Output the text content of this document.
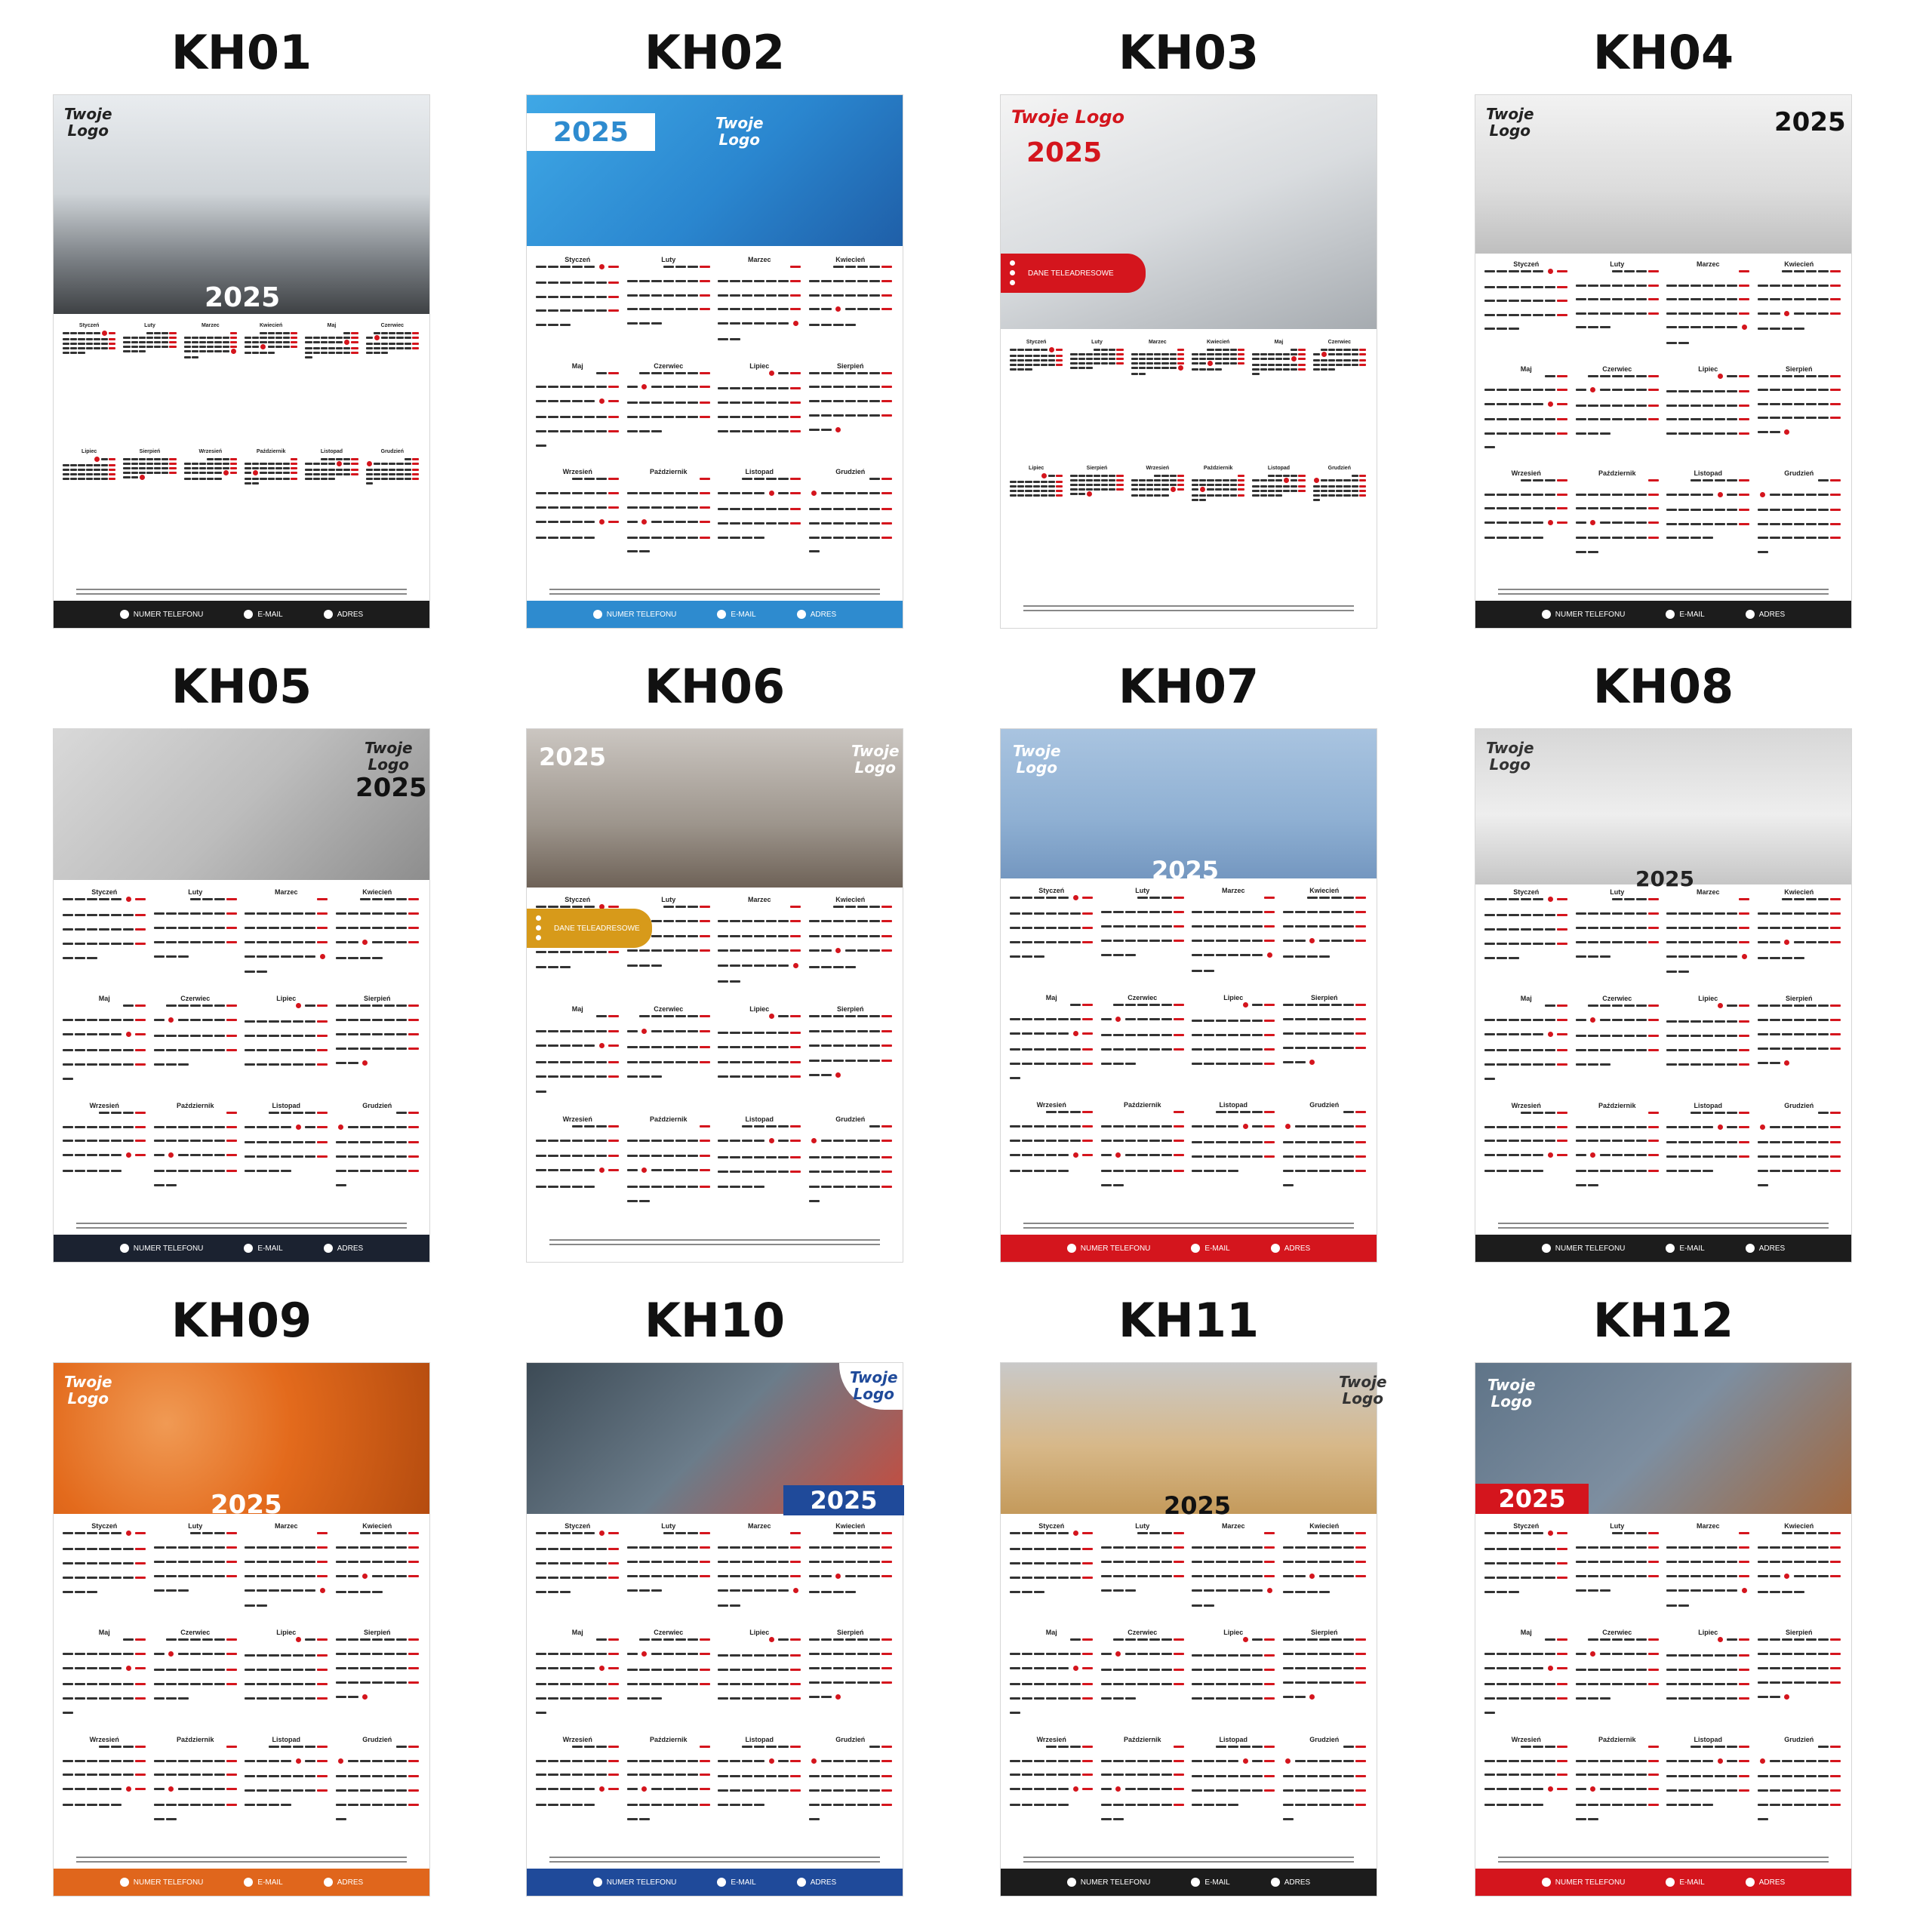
KH01
Twoje
Logo
2025
Styczeń	Luty	Marzec	Kwiecień	Maj	Czerwiec
Lipiec	Sierpień	Wrzesień	Październik	Listopad	Grudzień
NUMER TELEFONU	E-MAIL	ADRES
KH02
Twoje
Logo
2025
Styczeń	Luty	Marzec	Kwiecień
Maj	Czerwiec	Lipiec	Sierpień
Wrzesień	Październik	Listopad	Grudzień
NUMER TELEFONU	E-MAIL	ADRES
KH03
Twoje Logo
2025
DANE TELEADRESOWE
Styczeń	Luty	Marzec	Kwiecień	Maj	Czerwiec
Lipiec	Sierpień	Wrzesień	Październik	Listopad	Grudzień
KH04
Twoje
Logo	2025
Styczeń	Luty	Marzec	Kwiecień
Maj	Czerwiec	Lipiec	Sierpień
Wrzesień	Październik	Listopad	Grudzień
NUMER TELEFONU	E-MAIL	ADRES
KH05
Twoje
Logo
2025
Styczeń	Luty	Marzec	Kwiecień
Maj	Czerwiec	Lipiec	Sierpień
Wrzesień	Październik	Listopad	Grudzień
NUMER TELEFONU	E-MAIL	ADRES
KH06
Twoje
Logo
2025
DANE TELEADRESOWE
Styczeń	Luty	Marzec	Kwiecień
Maj	Czerwiec	Lipiec	Sierpień
Wrzesień	Październik	Listopad	Grudzień
KH07
Twoje
Logo
2025
Styczeń	Luty	Marzec	Kwiecień
Maj	Czerwiec	Lipiec	Sierpień
Wrzesień	Październik	Listopad	Grudzień
NUMER TELEFONU	E-MAIL	ADRES
KH08
Twoje
Logo
2025
Styczeń	Luty	Marzec	Kwiecień
Maj	Czerwiec	Lipiec	Sierpień
Wrzesień	Październik	Listopad	Grudzień
NUMER TELEFONU	E-MAIL	ADRES
KH09
Twoje
Logo
2025
Styczeń	Luty	Marzec	Kwiecień
Maj	Czerwiec	Lipiec	Sierpień
Wrzesień	Październik	Listopad	Grudzień
NUMER TELEFONU	E-MAIL	ADRES
KH10
Twoje
Logo
2025
Styczeń	Luty	Marzec	Kwiecień
Maj	Czerwiec	Lipiec	Sierpień
Wrzesień	Październik	Listopad	Grudzień
NUMER TELEFONU	E-MAIL	ADRES
KH11
Twoje
Logo
2025
Styczeń	Luty	Marzec	Kwiecień
Maj	Czerwiec	Lipiec	Sierpień
Wrzesień	Październik	Listopad	Grudzień
NUMER TELEFONU	E-MAIL	ADRES
KH12
Twoje
Logo
2025
Styczeń	Luty	Marzec	Kwiecień
Maj	Czerwiec	Lipiec	Sierpień
Wrzesień	Październik	Listopad	Grudzień
NUMER TELEFONU	E-MAIL	ADRES
